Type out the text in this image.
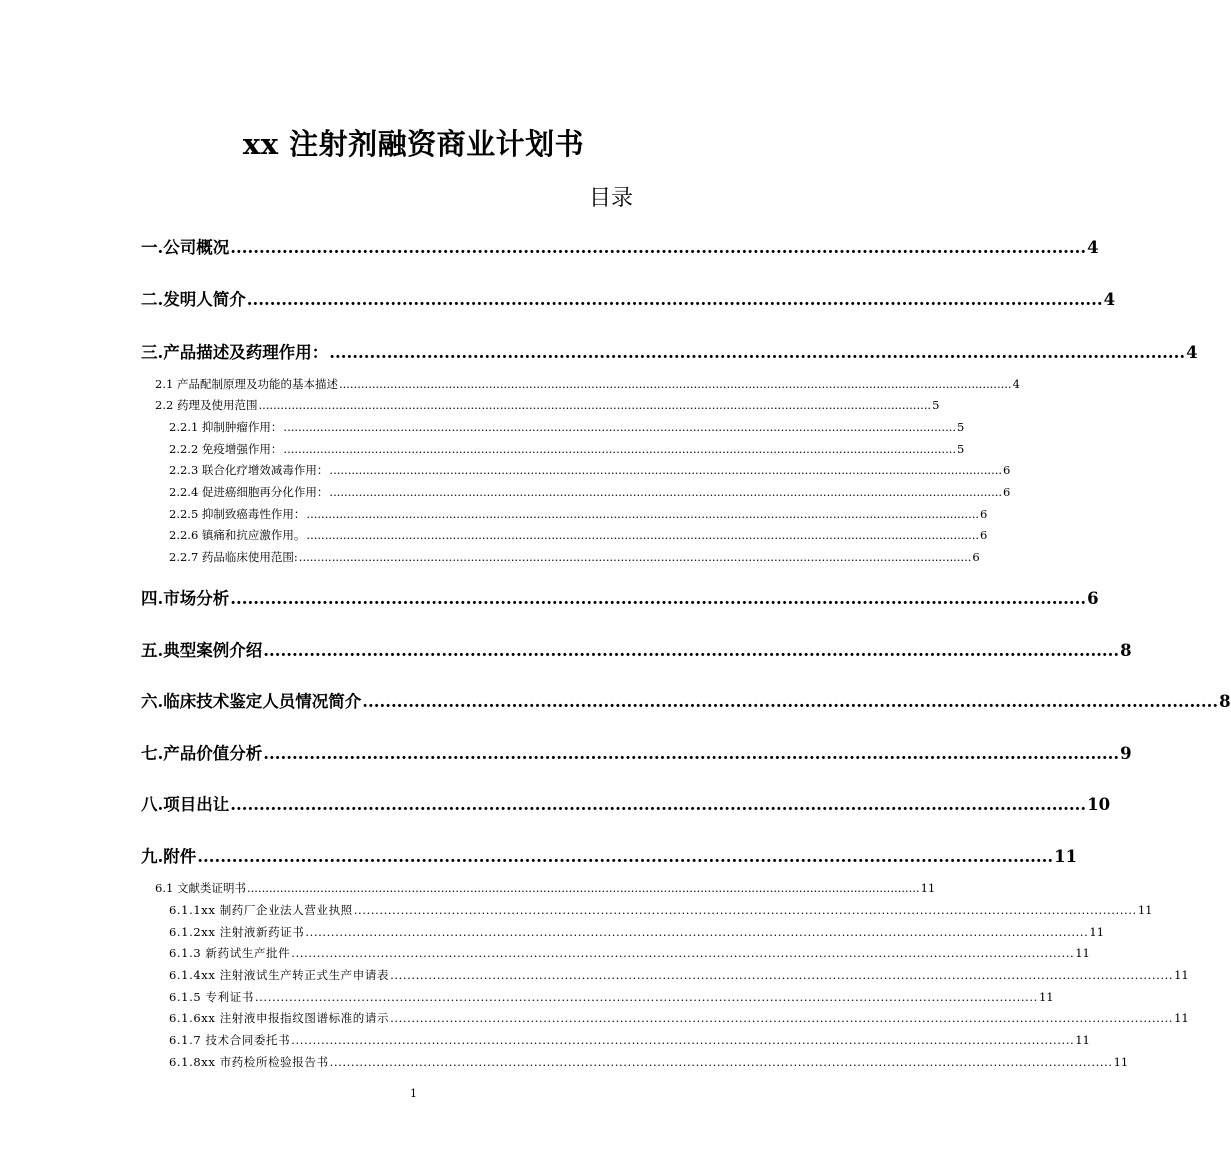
xx 注射剂融资商业计划书
目录
一. 公司概况 ..................................................................................................................................................... 4
二. 发明人简介 ..................................................................................................................................................... 4
三. 产品描述及药理作用： ..................................................................................................................................................... 4
2.1 产品配制原理及功能的基本描述 ........................................................................................................................................................................................ 4
2.2 药理及使用范围 ........................................................................................................................................................................................ 5
2.2.1 抑制肿瘤作用： ........................................................................................................................................................................................ 5
2.2.2 免疫增强作用： ........................................................................................................................................................................................ 5
2.2.3 联合化疗增效减毒作用： ........................................................................................................................................................................................ 6
2.2.4 促进癌细胞再分化作用： ........................................................................................................................................................................................ 6
2.2.5 抑制致癌毒性作用： ........................................................................................................................................................................................ 6
2.2.6 镇痛和抗应激作用。 ........................................................................................................................................................................................ 6
2.2.7 药品临床使用范围: ........................................................................................................................................................................................ 6
四. 市场分析 ..................................................................................................................................................... 6
五. 典型案例介绍 ..................................................................................................................................................... 8
六. 临床技术鉴定人员情况简介 ..................................................................................................................................................... 8
七. 产品价值分析 ..................................................................................................................................................... 9
八. 项目出让 ..................................................................................................................................................... 10
九. 附件 ..................................................................................................................................................... 11
6.1 文献类证明书 ........................................................................................................................................................................................ 11
6.1.1xx 制药厂企业法人营业执照 ........................................................................................................................................................................................ 11
6.1.2xx 注射液新药证书 ........................................................................................................................................................................................ 11
6.1.3 新药试生产批件 ........................................................................................................................................................................................ 11
6.1.4xx 注射液试生产转正式生产申请表 ........................................................................................................................................................................................ 11
6.1.5 专利证书 ........................................................................................................................................................................................ 11
6.1.6xx 注射液申报指纹图谱标准的请示 ........................................................................................................................................................................................ 11
6.1.7 技术合同委托书 ........................................................................................................................................................................................ 11
6.1.8xx 市药检所检验报告书 ........................................................................................................................................................................................ 11
1
